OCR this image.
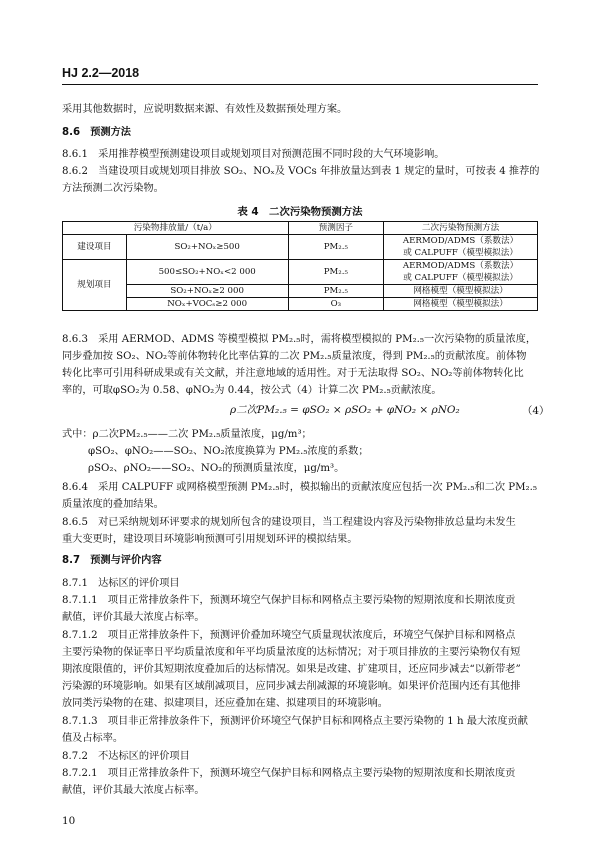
HJ 2.2—2018
采用其他数据时，应说明数据来源、有效性及数据预处理方案。
8.6　预测方法
8.6.1　采用推荐模型预测建设项目或规划项目对预测范围不同时段的大气环境影响。
8.6.2　当建设项目或规划项目排放 SO₂、NOₓ及 VOCs 年排放量达到表 1 规定的量时，可按表 4 推荐的
方法预测二次污染物。
表 4　二次污染物预测方法
污染物排放量/（t/a）		预测因子	二次污染物预测方法
建设项目	SO₂+NOₓ≥500	PM₂.₅	AERMOD/ADMS（系数法）
			或 CALPUFF（模型模拟法）
规划项目	500≤SO₂+NOₓ<2 000	PM₂.₅	AERMOD/ADMS（系数法）
			或 CALPUFF（模型模拟法）
	SO₂+NOₓ≥2 000	PM₂.₅	网格模型（模型模拟法）
	NOₓ+VOCₛ≥2 000	O₃	网格模型（模型模拟法）
8.6.3　采用 AERMOD、ADMS 等模型模拟 PM₂.₅时，需将模型模拟的 PM₂.₅一次污染物的质量浓度，
同步叠加按 SO₂、NO₂等前体物转化比率估算的二次 PM₂.₅质量浓度，得到 PM₂.₅的贡献浓度。前体物
转化比率可引用科研成果或有关文献，并注意地域的适用性。对于无法取得 SO₂、NO₂等前体物转化比
率的，可取φSO₂为 0.58、φNO₂为 0.44，按公式（4）计算二次 PM₂.₅贡献浓度。
ρ二次PM₂.₅ = φSO₂ × ρSO₂ + φNO₂ × ρNO₂	（4）
式中：ρ二次PM₂.₅——二次 PM₂.₅质量浓度，μg/m³；
φSO₂、φNO₂——SO₂、NO₂浓度换算为 PM₂.₅浓度的系数；
ρSO₂、ρNO₂——SO₂、NO₂的预测质量浓度，μg/m³。
8.6.4　采用 CALPUFF 或网格模型预测 PM₂.₅时，模拟输出的贡献浓度应包括一次 PM₂.₅和二次 PM₂.₅
质量浓度的叠加结果。
8.6.5　对已采纳规划环评要求的规划所包含的建设项目，当工程建设内容及污染物排放总量均未发生
重大变更时，建设项目环境影响预测可引用规划环评的模拟结果。
8.7　预测与评价内容
8.7.1　达标区的评价项目
8.7.1.1　项目正常排放条件下，预测环境空气保护目标和网格点主要污染物的短期浓度和长期浓度贡
献值，评价其最大浓度占标率。
8.7.1.2　项目正常排放条件下，预测评价叠加环境空气质量现状浓度后，环境空气保护目标和网格点
主要污染物的保证率日平均质量浓度和年平均质量浓度的达标情况；对于项目排放的主要污染物仅有短
期浓度限值的，评价其短期浓度叠加后的达标情况。如果是改建、扩建项目，还应同步减去“以新带老”
污染源的环境影响。如果有区域削减项目，应同步减去削减源的环境影响。如果评价范围内还有其他排
放同类污染物的在建、拟建项目，还应叠加在建、拟建项目的环境影响。
8.7.1.3　项目非正常排放条件下，预测评价环境空气保护目标和网格点主要污染物的 1 h 最大浓度贡献
值及占标率。
8.7.2　不达标区的评价项目
8.7.2.1　项目正常排放条件下，预测环境空气保护目标和网格点主要污染物的短期浓度和长期浓度贡
献值，评价其最大浓度占标率。
10
